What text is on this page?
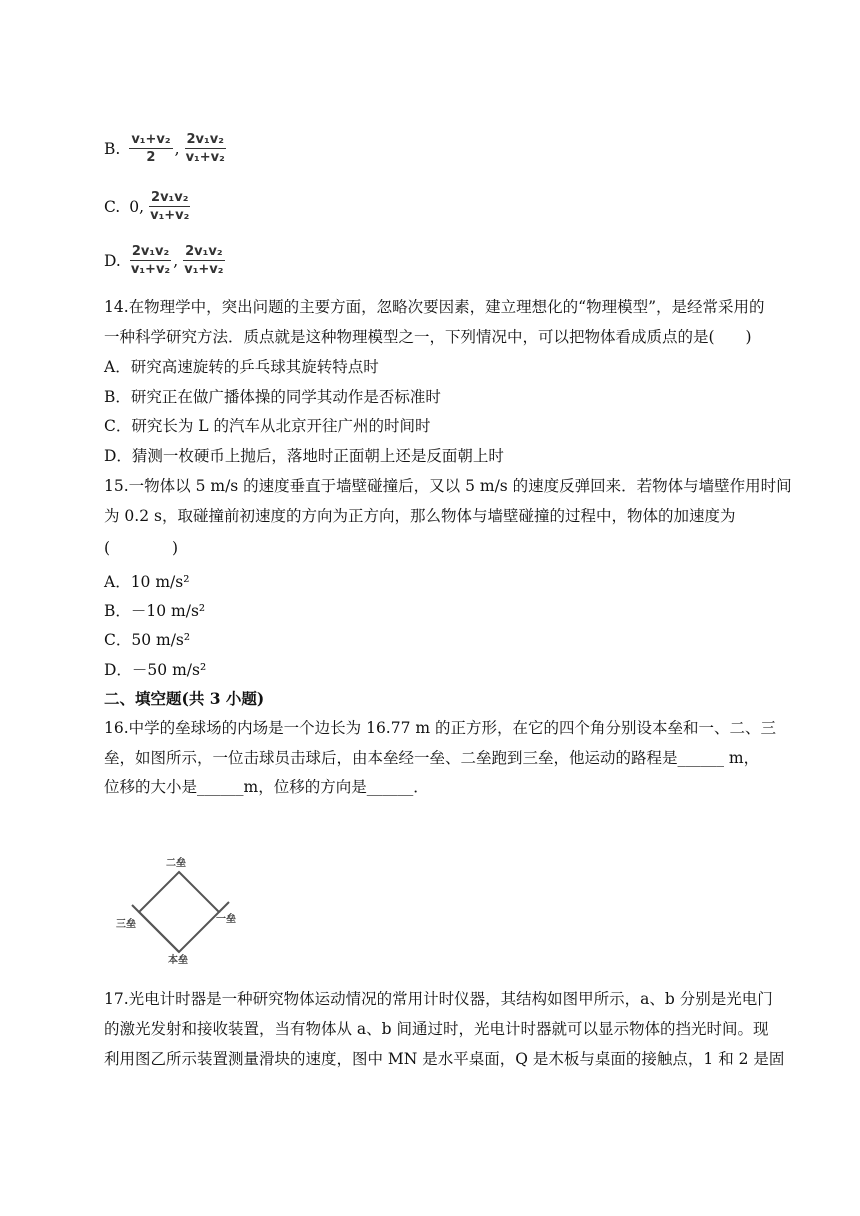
B. $\frac{\text{v₁+v₂}}{2}$ , $\frac{\text{2v₁v₂}}{\text{v₁+v₂}}$
C. 0, $\frac{\text{2v₁v₂}}{\text{v₁+v₂}}$
D. $\frac{\text{2v₁v₂}}{\text{v₁+v₂}}$ , $\frac{\text{2v₁v₂}}{\text{v₁+v₂}}$
14.在物理学中，突出问题的主要方面，忽略次要因素，建立理想化的“物理模型”，是经常采用的
一种科学研究方法．质点就是这种物理模型之一，下列情况中，可以把物体看成质点的是(　　)
A．研究高速旋转的乒乓球其旋转特点时
B．研究正在做广播体操的同学其动作是否标准时
C．研究长为 L 的汽车从北京开往广州的时间时
D．猜测一枚硬币上抛后，落地时正面朝上还是反面朝上时
15.一物体以 5 m/s 的速度垂直于墙壁碰撞后，又以 5 m/s 的速度反弹回来．若物体与墙壁作用时间
为 0.2 s，取碰撞前初速度的方向为正方向，那么物体与墙壁碰撞的过程中，物体的加速度为
(　　　　)
A．10 m/s²
B．－10 m/s²
C．50 m/s²
D．－50 m/s²
二、填空题(共 3 小题)
16.中学的垒球场的内场是一个边长为 16.77 m 的正方形，在它的四个角分别设本垒和一、二、三
垒，如图所示，一位击球员击球后，由本垒经一垒、二垒跑到三垒，他运动的路程是______ m，
位移的大小是______m，位移的方向是______．
二垒
一垒
三垒
本垒
17.光电计时器是一种研究物体运动情况的常用计时仪器，其结构如图甲所示，a、b 分别是光电门
的激光发射和接收装置，当有物体从 a、b 间通过时，光电计时器就可以显示物体的挡光时间。现
利用图乙所示装置测量滑块的速度，图中 MN 是水平桌面，Q 是木板与桌面的接触点，1 和 2 是固
